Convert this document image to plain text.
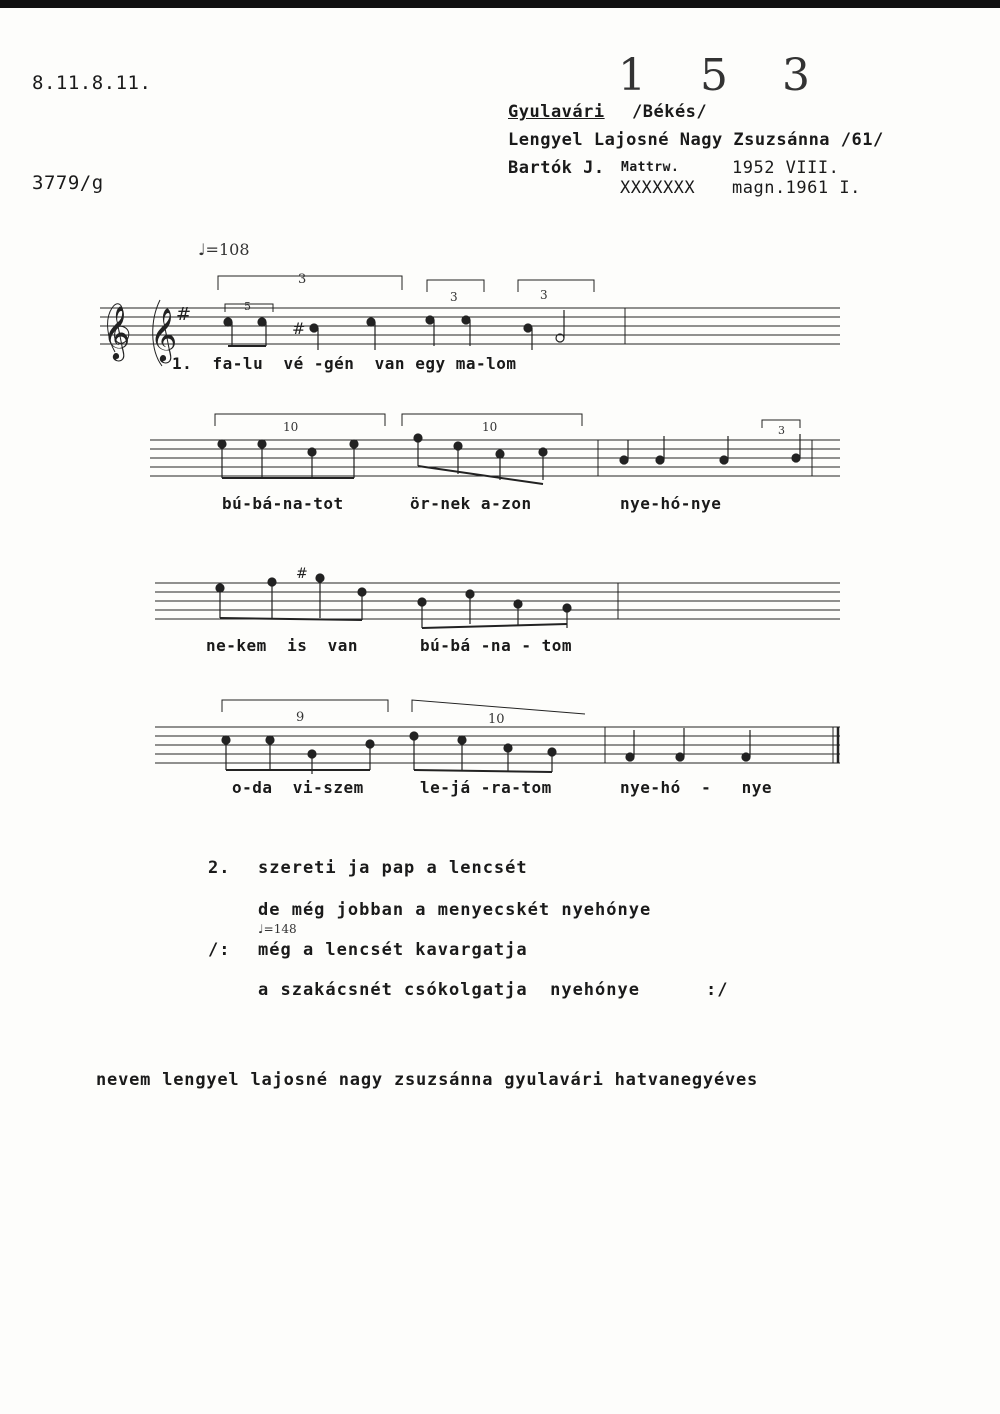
8.11.8.11.	1 5 3
3779/g
Gyulavári /Békés/
Lengyel Lajosné Nagy Zsuzsánna /61/
Bartók J. Mattrw.	1952 VIII.
XXXXXXX magn.1961 I.
𝄞 𝄞
#
#
#
♩=108
3
3	3
5
10	10	3
9	10
1.  fa-lu  vé -gén  van egy ma-lom
bú-bá-na-tot	ör-nek a-zon	nye-hó-nye
ne-kem  is  van	bú-bá -na - tom
o-da  vi-szem	le-já -ra-tom	nye-hó  -   nye
2. szereti ja pap a lencsét
de még jobban a menyecskét nyehónye
♩=148
/: még a lencsét kavargatja
a szakácsnét csókolgatja  nyehónye	:/
nevem lengyel lajosné nagy zsuzsánna gyulavári hatvanegyéves
